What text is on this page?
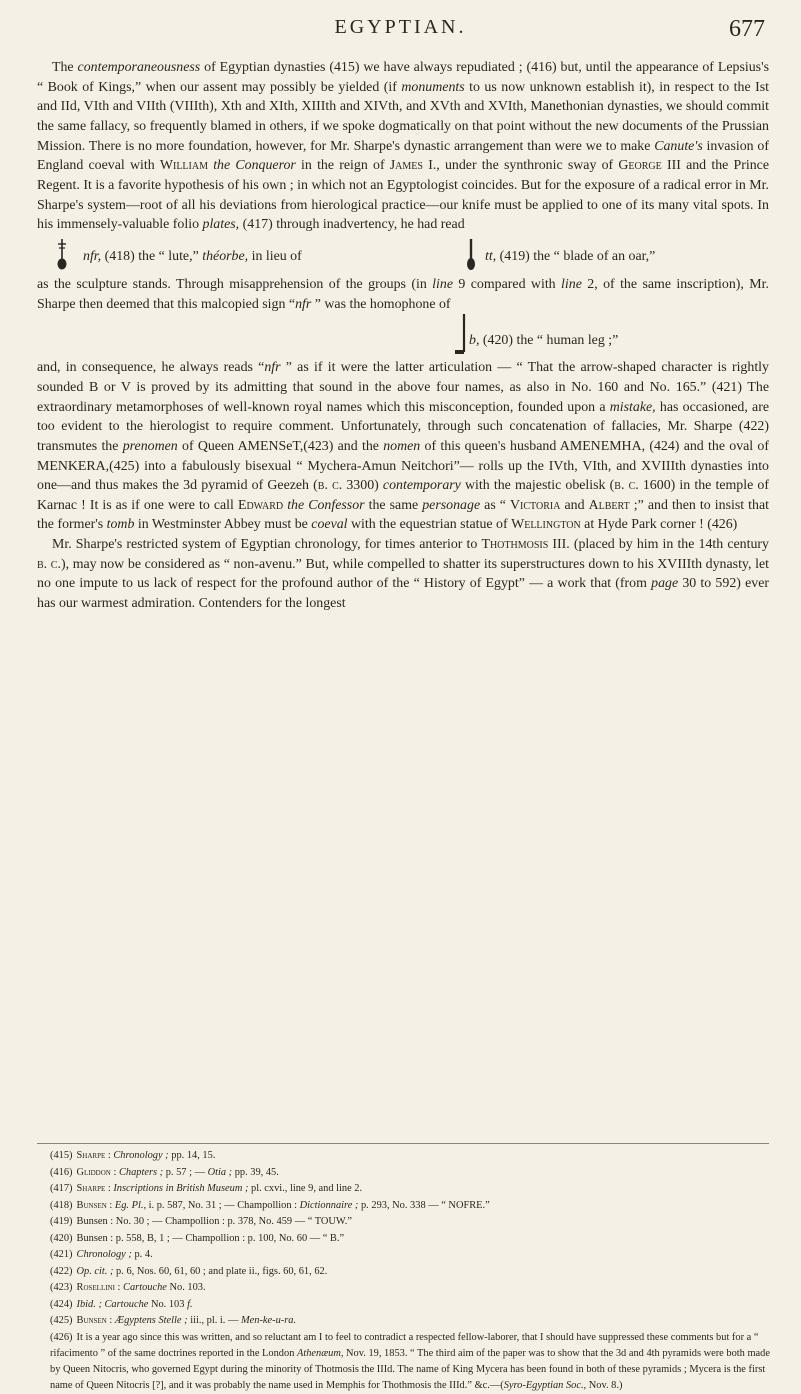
EGYPTIAN.	677

The contemporaneousness of Egyptian dynasties (415) we have always repudiated ; (416) but, until the appearance of Lepsius's “ Book of Kings,” when our assent may possibly be yielded (if monuments to us now unknown establish it), in respect to the Ist and IId, VIth and VIIth (VIIIth), Xth and XIth, XIIIth and XIVth, and XVth and XVIth, Manethonian dynasties, we should commit the same fallacy, so frequently blamed in others, if we spoke dogmatically on that point without the new documents of the Prussian Mission. There is no more foundation, however, for Mr. Sharpe's dynastic arrangement than were we to make Canute's invasion of England coeval with William the Conqueror in the reign of James I., under the synthronic sway of George III and the Prince Regent. It is a favorite hypothesis of his own ; in which not an Egyptologist coincides. But for the exposure of a radical error in Mr. Sharpe's system—root of all his deviations from hierological practice—our knife must be applied to one of its many vital spots. In his immensely-valuable folio plates, (417) through inadvertency, he had read

nfr, (418) the “ lute,” théorbe, in lieu of	tt, (419) the “ blade of an oar,”

as the sculpture stands. Through misapprehension of the groups (in line 9 compared with line 2, of the same inscription), Mr. Sharpe then deemed that this malcopied sign “nfr ” was the homophone of

b, (420) the “ human leg ;”

and, in consequence, he always reads “nfr ” as if it were the latter articulation — “ That the arrow-shaped character is rightly sounded B or V is proved by its admitting that sound in the above four names, as also in No. 160 and No. 165.” (421) The extraordinary metamorphoses of well-known royal names which this misconception, founded upon a mistake, has occasioned, are too evident to the hierologist to require comment. Unfortunately, through such concatenation of fallacies, Mr. Sharpe (422) transmutes the prenomen of Queen AMENSeT,(423) and the nomen of this queen's husband AMENEMHA, (424) and the oval of MENKERA,(425) into a fabulously bisexual “ Mychera-Amun Neitchori”— rolls up the IVth, VIth, and XVIIIth dynasties into one—and thus makes the 3d pyramid of Geezeh (b. c. 3300) contemporary with the majestic obelisk (b. c. 1600) in the temple of Karnac ! It is as if one were to call Edward the Confessor the same personage as “ Victoria and Albert ;” and then to insist that the former's tomb in Westminster Abbey must be coeval with the equestrian statue of Wellington at Hyde Park corner ! (426)

Mr. Sharpe's restricted system of Egyptian chronology, for times anterior to Thothmosis III. (placed by him in the 14th century b. c.), may now be considered as “ non-avenu.” But, while compelled to shatter its superstructures down to his XVIIIth dynasty, let no one impute to us lack of respect for the profound author of the “ History of Egypt” — a work that (from page 30 to 592) ever has our warmest admiration. Contenders for the longest

(415) Sharpe : Chronology ; pp. 14, 15.

(416) Gliddon : Chapters ; p. 57 ; — Otia ; pp. 39, 45.

(417) Sharpe : Inscriptions in British Museum ; pl. cxvi., line 9, and line 2.

(418) Bunsen : Eg. Pl., i. p. 587, No. 31 ; — Champollion : Dictionnaire ; p. 293, No. 338 — “ NOFRE.”

(419) Bunsen : No. 30 ; — Champollion : p. 378, No. 459 — “ TOUW.”

(420) Bunsen : p. 558, B, 1 ; — Champollion : p. 100, No. 60 — “ B.”

(421) Chronology ; p. 4.

(422) Op. cit. ; p. 6, Nos. 60, 61, 60 ; and plate ii., figs. 60, 61, 62.

(423) Rosellini : Cartouche No. 103.

(424) Ibid. ; Cartouche No. 103 f.

(425) Bunsen : Ægyptens Stelle ; iii., pl. i. — Men-ke-u-ra.

(426) It is a year ago since this was written, and so reluctant am I to feel to contradict a respected fellow-laborer, that I should have suppressed these comments but for a “ rifacimento ” of the same doctrines reported in the London Athenæum, Nov. 19, 1853. “ The third aim of the paper was to show that the 3d and 4th pyramids were both made by Queen Nitocris, who governed Egypt during the minority of Thotmosis the IIId. The name of King Mycera has been found in both of these pyramids ; Mycera is the first name of Queen Nitocris [?], and it was probably the name used in Memphis for Thothmosis the IIId.” &c.—(Syro-Egyptian Soc., Nov. 8.)
